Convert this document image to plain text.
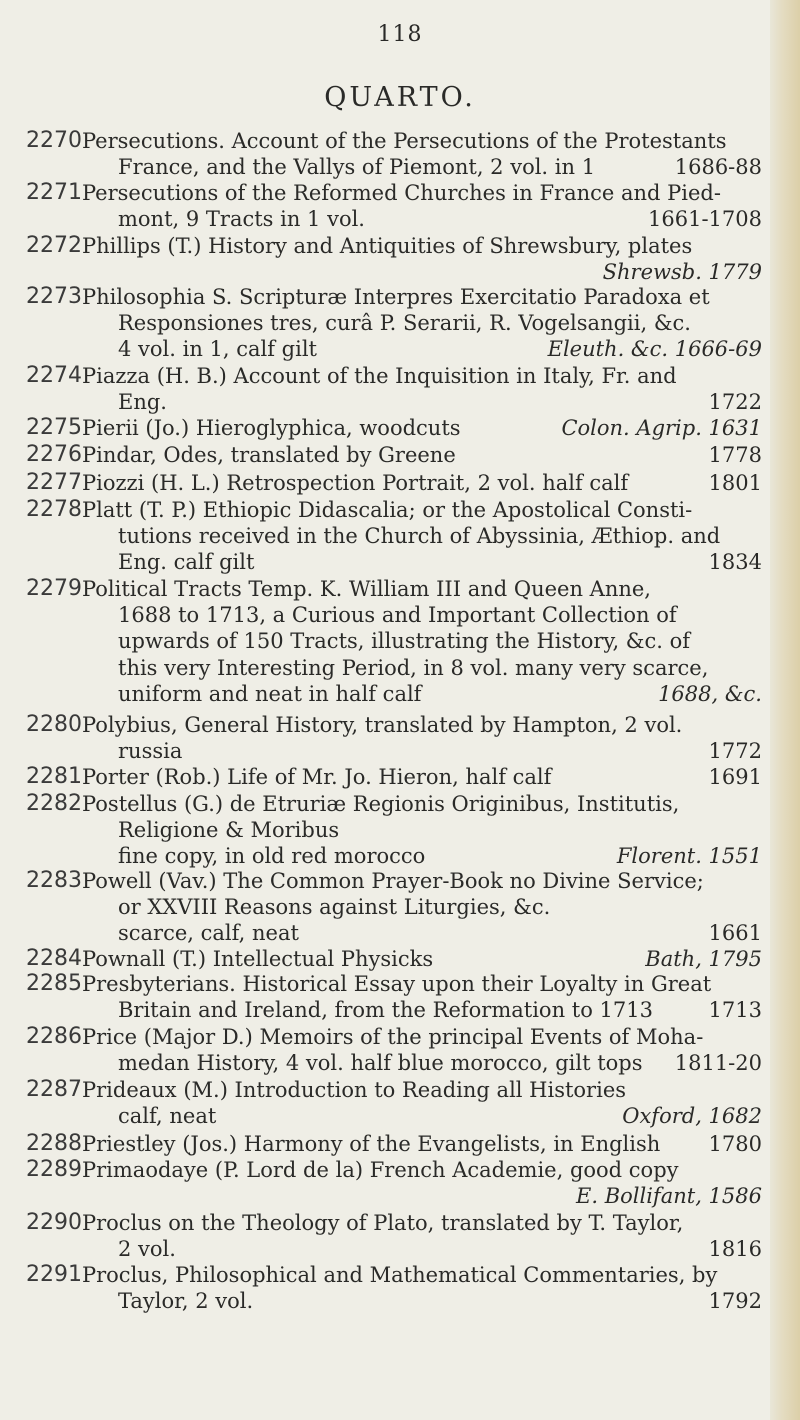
118
QUARTO.
2270 Persecutions. Account of the Persecutions of the Protestants
France, and the Vallys of Piemont, 2 vol. in 1	1686-88
2271 Persecutions of the Reformed Churches in France and Pied-
mont, 9 Tracts in 1 vol.	1661-1708
2272 Phillips (T.) History and Antiquities of Shrewsbury, plates
Shrewsb. 1779
2273 Philosophia S. Scripturæ Interpres Exercitatio Paradoxa et
Responsiones tres, curâ P. Serarii, R. Vogelsangii, &c.
4 vol. in 1, calf gilt	Eleuth. &c. 1666-69
2274 Piazza (H. B.) Account of the Inquisition in Italy, Fr. and
Eng.	1722
2275 Pierii (Jo.) Hieroglyphica, woodcuts	Colon. Agrip. 1631
2276 Pindar, Odes, translated by Greene	1778
2277 Piozzi (H. L.) Retrospection Portrait, 2 vol. half calf	1801
2278 Platt (T. P.) Ethiopic Didascalia; or the Apostolical Consti-
tutions received in the Church of Abyssinia, Æthiop. and
Eng. calf gilt	1834
2279 Political Tracts Temp. K. William III and Queen Anne,
1688 to 1713, a Curious and Important Collection of
upwards of 150 Tracts, illustrating the History, &c. of
this very Interesting Period, in 8 vol. many very scarce,
uniform and neat in half calf	1688, &c.
2280 Polybius, General History, translated by Hampton, 2 vol.
russia	1772
2281 Porter (Rob.) Life of Mr. Jo. Hieron, half calf	1691
2282 Postellus (G.) de Etruriæ Regionis Originibus, Institutis,
Religione & Moribus
fine copy, in old red morocco	Florent. 1551
2283 Powell (Vav.) The Common Prayer-Book no Divine Service;
or XXVIII Reasons against Liturgies, &c.
scarce, calf, neat	1661
2284 Pownall (T.) Intellectual Physicks	Bath, 1795
2285 Presbyterians. Historical Essay upon their Loyalty in Great
Britain and Ireland, from the Reformation to 1713	1713
2286 Price (Major D.) Memoirs of the principal Events of Moha-
medan History, 4 vol. half blue morocco, gilt tops 1811-20
2287 Prideaux (M.) Introduction to Reading all Histories
calf, neat	Oxford, 1682
2288 Priestley (Jos.) Harmony of the Evangelists, in English 1780
2289 Primaodaye (P. Lord de la) French Academie, good copy
E. Bollifant, 1586
2290 Proclus on the Theology of Plato, translated by T. Taylor,
2 vol.	1816
2291 Proclus, Philosophical and Mathematical Commentaries, by
Taylor, 2 vol.	1792
